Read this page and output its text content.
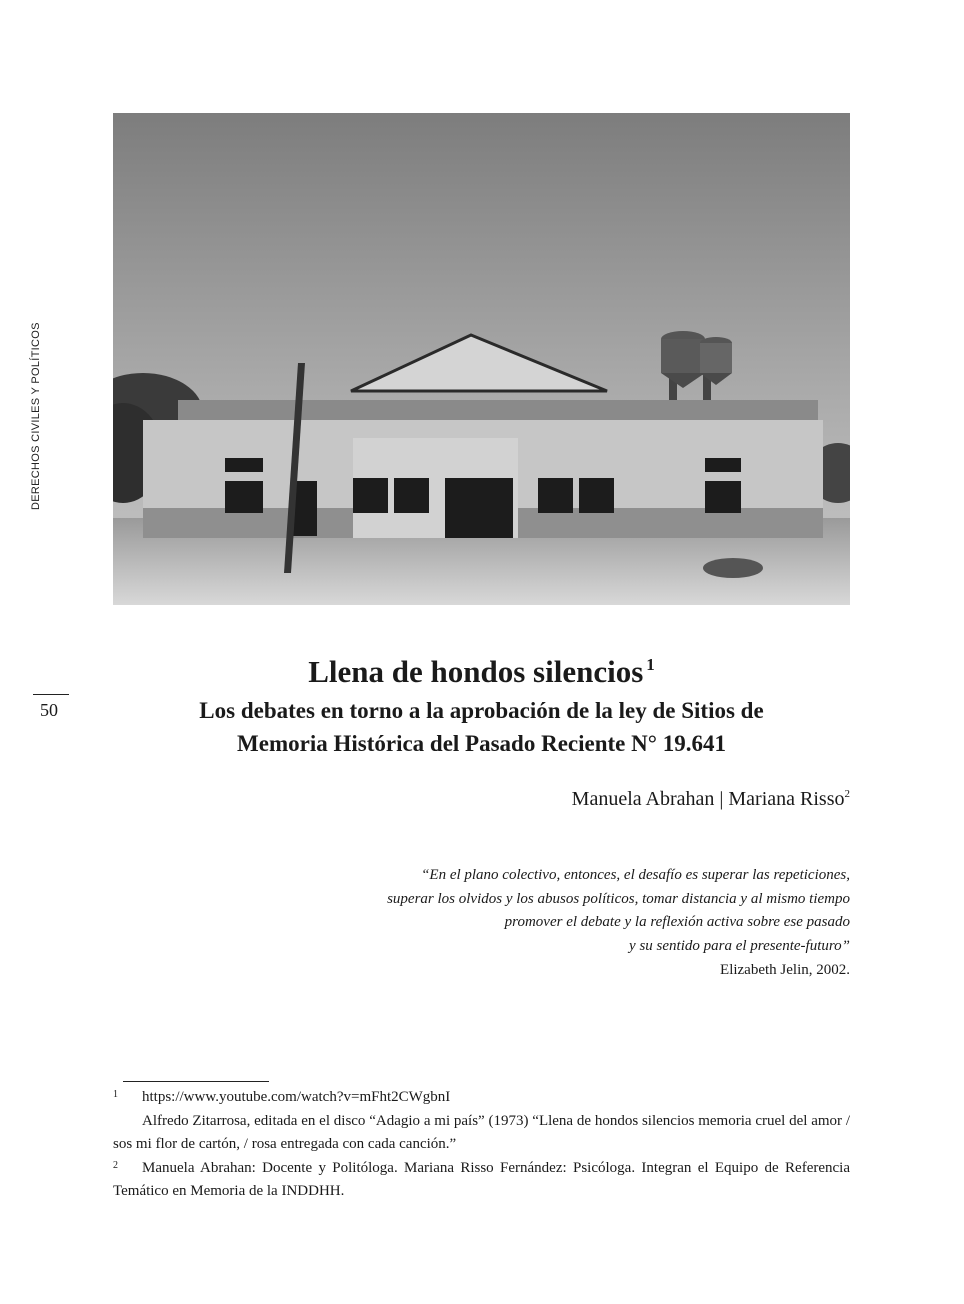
DERECHOS CIVILES Y POLÍTICOS
50
Llena de hondos silencios $^1$
Los debates en torno a la aprobación de la ley de Sitios de
Memoria Histórica del Pasado Reciente N° 19.641
Manuela Abrahan | Mariana Risso$^2$
“En el plano colectivo, entonces, el desafío es superar las repeticiones,
superar los olvidos y los abusos políticos, tomar distancia y al mismo tiempo
promover el debate y la reflexión activa sobre ese pasado
y su sentido para el presente-futuro”
Elizabeth Jelin, 2002.
1	https://www.youtube.com/watch?v=mFht2CWgbnI
Alfredo Zitarrosa, editada en el disco “Adagio a mi país” (1973) “Llena de hondos silencios memoria cruel del amor / sos mi flor de cartón, / rosa entregada con cada canción.”
2 Manuela Abrahan: Docente y Politóloga. Mariana Risso Fernández: Psicóloga. Integran el Equipo de Referencia Temático en Memoria de la INDDHH.
